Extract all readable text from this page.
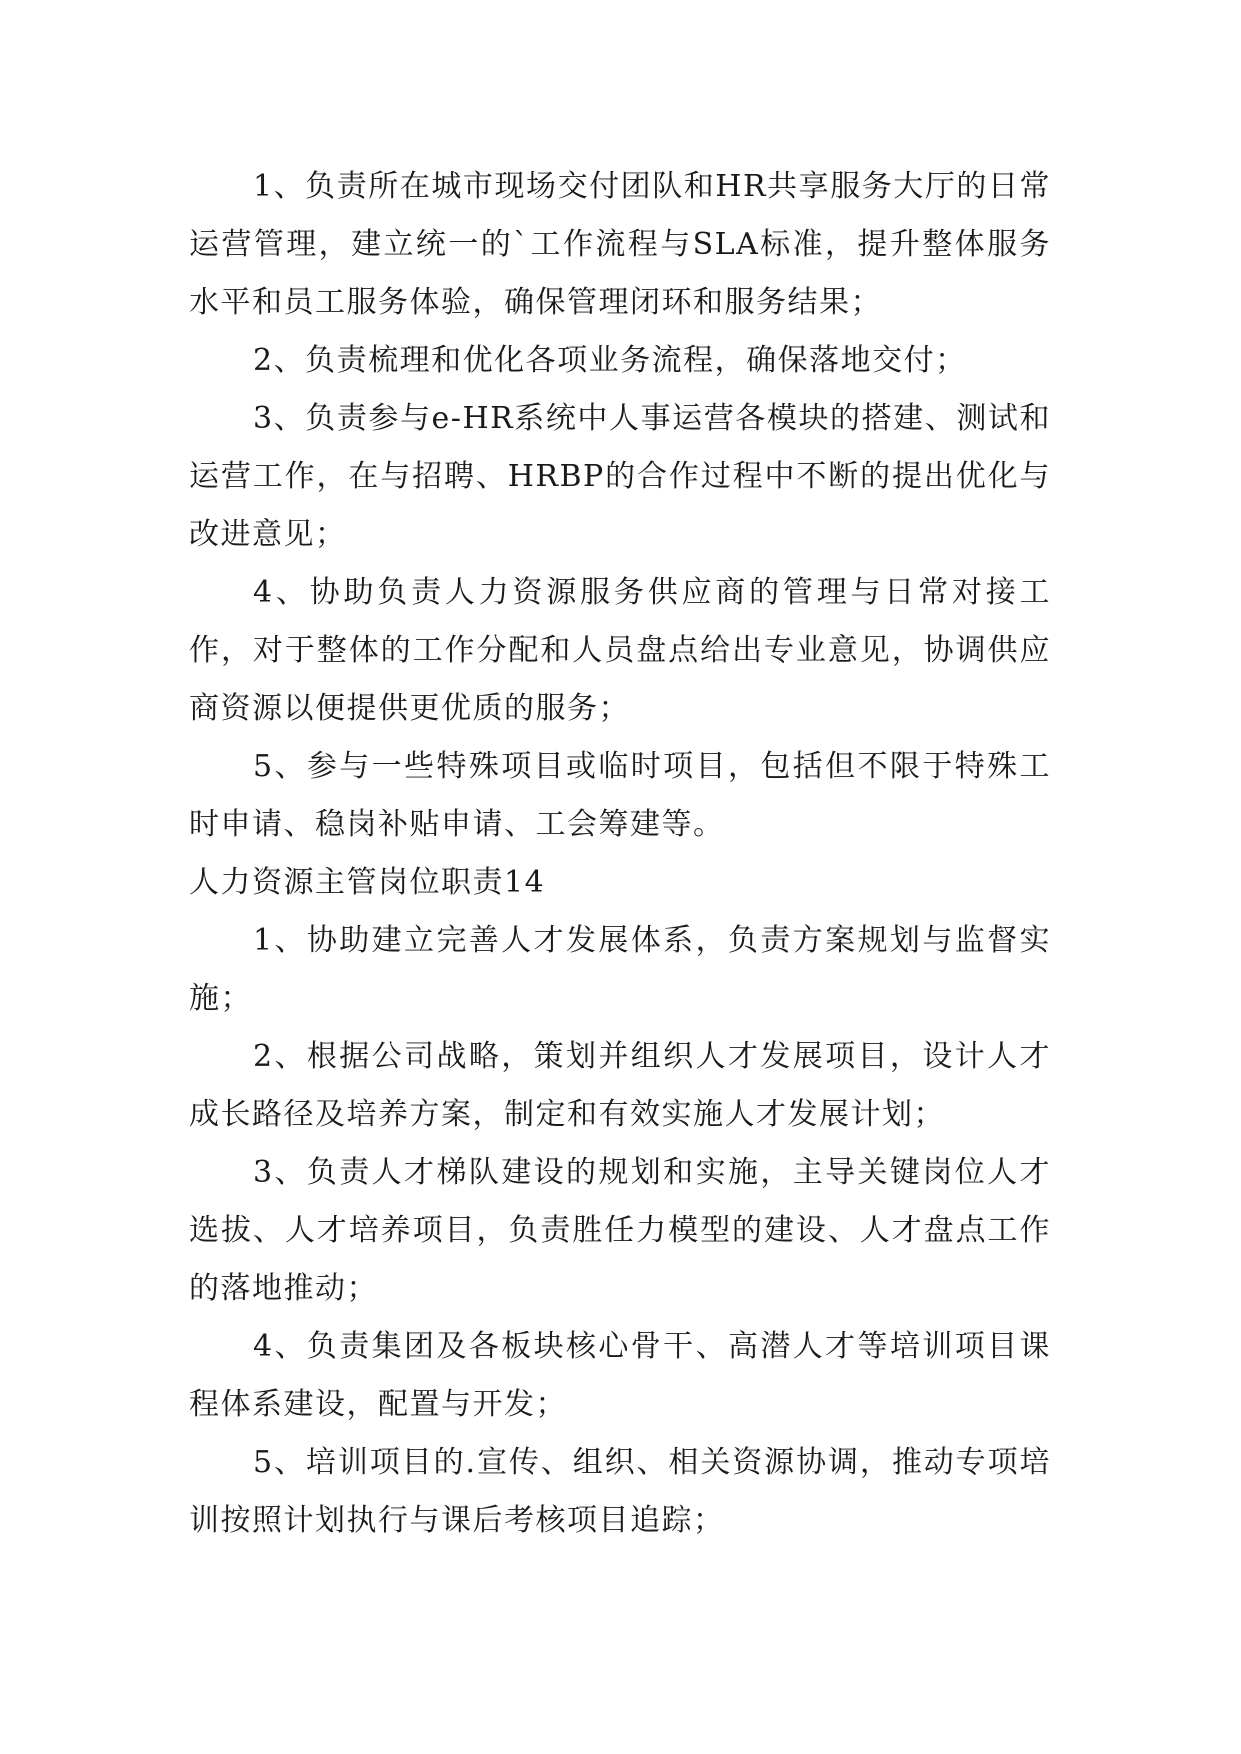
1、负责所在城市现场交付团队和HR共享服务大厅的日常运营管理，建立统一的`工作流程与SLA标准，提升整体服务水平和员工服务体验，确保管理闭环和服务结果；

2、负责梳理和优化各项业务流程，确保落地交付；

3、负责参与e-HR系统中人事运营各模块的搭建、测试和运营工作，在与招聘、HRBP的合作过程中不断的提出优化与改进意见；

4、协助负责人力资源服务供应商的管理与日常对接工作，对于整体的工作分配和人员盘点给出专业意见，协调供应商资源以便提供更优质的服务；

5、参与一些特殊项目或临时项目，包括但不限于特殊工时申请、稳岗补贴申请、工会筹建等。

人力资源主管岗位职责14

1、协助建立完善人才发展体系，负责方案规划与监督实施；

2、根据公司战略，策划并组织人才发展项目，设计人才成长路径及培养方案，制定和有效实施人才发展计划；

3、负责人才梯队建设的规划和实施，主导关键岗位人才选拔、人才培养项目，负责胜任力模型的建设、人才盘点工作的落地推动；

4、负责集团及各板块核心骨干、高潜人才等培训项目课程体系建设，配置与开发；

5、培训项目的.宣传、组织、相关资源协调，推动专项培训按照计划执行与课后考核项目追踪；
